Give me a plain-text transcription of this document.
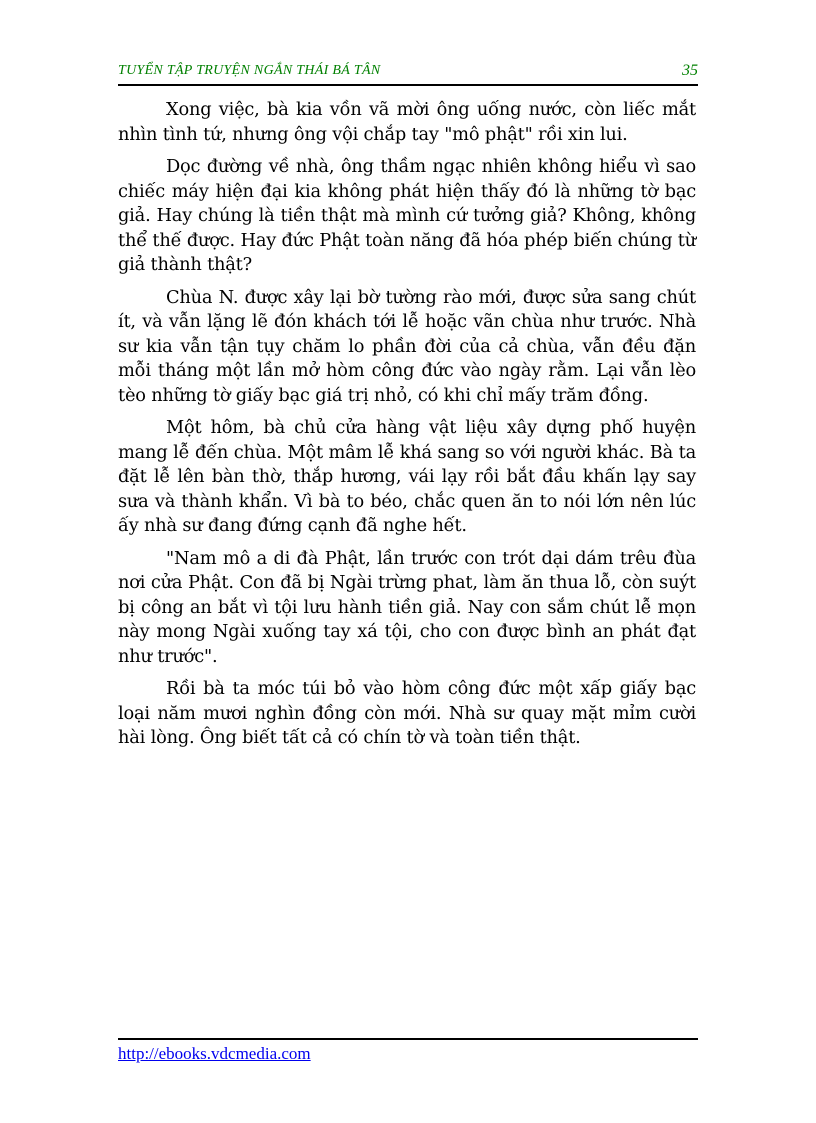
TUYỂN TẬP TRUYỆN NGẮN THÁI BÁ TÂN	35

Xong việc, bà kia vồn vã mời ông uống nước, còn liếc mắt nhìn tình tứ, nhưng ông vội chắp tay "mô phật" rồi xin lui.

Dọc đường về nhà, ông thầm ngạc nhiên không hiểu vì sao chiếc máy hiện đại kia không phát hiện thấy đó là những tờ bạc giả. Hay chúng là tiền thật mà mình cứ tưởng giả? Không, không thể thế được. Hay đức Phật toàn năng đã hóa phép biến chúng từ giả thành thật?

Chùa N. được xây lại bờ tường rào mới, được sửa sang chút ít, và vẫn lặng lẽ đón khách tới lễ hoặc vãn chùa như trước. Nhà sư kia vẫn tận tụy chăm lo phần đời của cả chùa, vẫn đều đặn mỗi tháng một lần mở hòm công đức vào ngày rằm. Lại vẫn lèo tèo những tờ giấy bạc giá trị nhỏ, có khi chỉ mấy trăm đồng.

Một hôm, bà chủ cửa hàng vật liệu xây dựng phố huyện mang lễ đến chùa. Một mâm lễ khá sang so với người khác. Bà ta đặt lễ lên bàn thờ, thắp hương, vái lạy rồi bắt đầu khấn lạy say sưa và thành khẩn. Vì bà to béo, chắc quen ăn to nói lớn nên lúc ấy nhà sư đang đứng cạnh đã nghe hết.

"Nam mô a di đà Phật, lần trước con trót dại dám trêu đùa nơi cửa Phật. Con đã bị Ngài trừng phat, làm ăn thua lỗ, còn suýt bị công an bắt vì tội lưu hành tiền giả. Nay con sắm chút lễ mọn này mong Ngài xuống tay xá tội, cho con được bình an phát đạt như trước".

Rồi bà ta móc túi bỏ vào hòm công đức một xấp giấy bạc loại năm mươi nghìn đồng còn mới. Nhà sư quay mặt mỉm cười hài lòng. Ông biết tất cả có chín tờ và toàn tiền thật.

http://ebooks.vdcmedia.com
